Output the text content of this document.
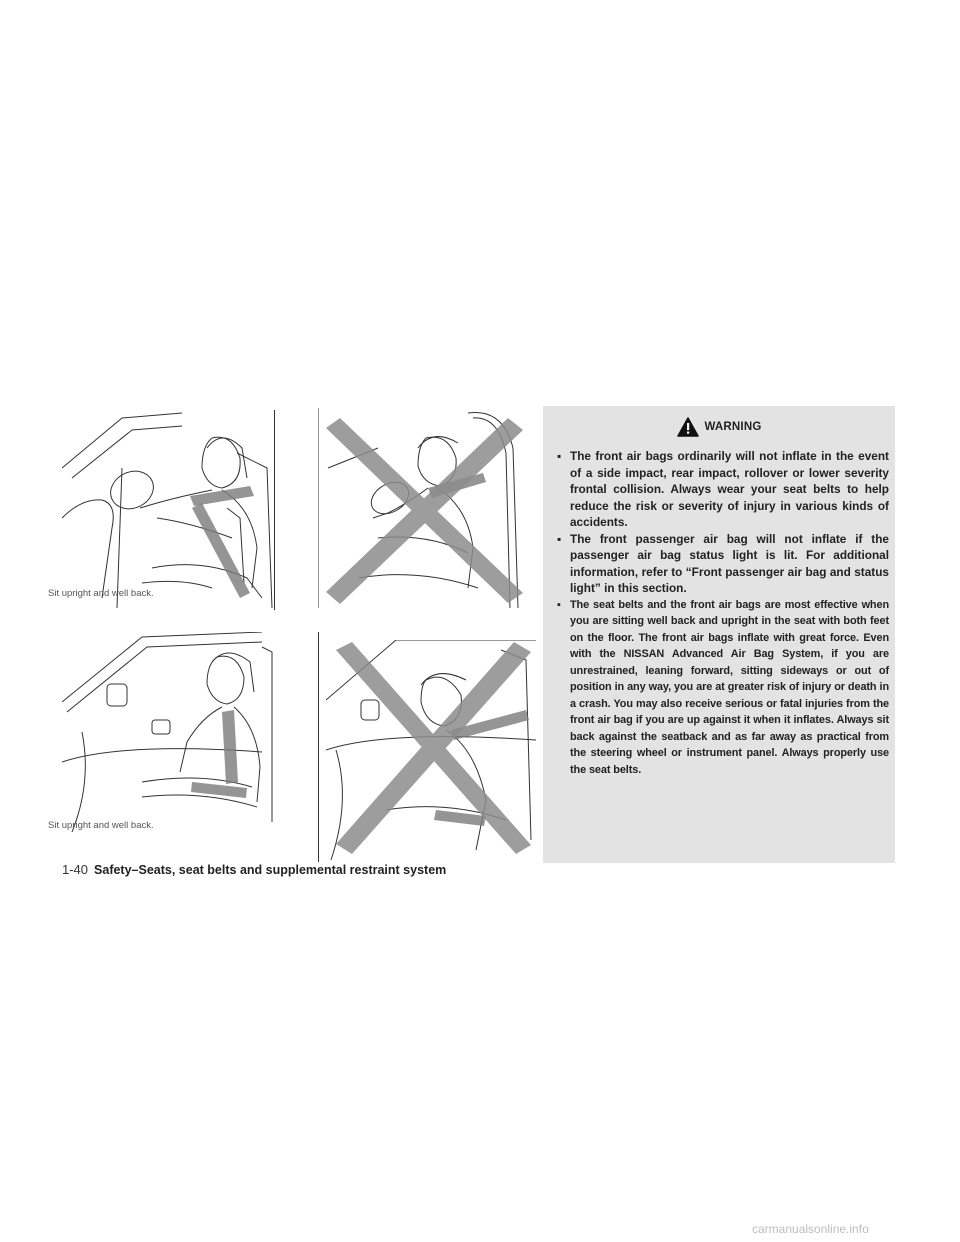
Sit upright and well back.
Sit upright and well back.
WARNING
▪ The front air bags ordinarily will not inflate in the event of a side impact, rear impact, rollover or lower severity frontal collision. Always wear your seat belts to help reduce the risk or severity of injury in various kinds of accidents.
▪ The front passenger air bag will not inflate if the passenger air bag status light is lit. For additional information, refer to “Front passenger air bag and status light” in this section.
▪ The seat belts and the front air bags are most effective when you are sitting well back and upright in the seat with both feet on the floor. The front air bags inflate with great force. Even with the NISSAN Advanced Air Bag System, if you are unrestrained, leaning forward, sitting sideways or out of position in any way, you are at greater risk of injury or death in a crash. You may also receive serious or fatal injuries from the front air bag if you are up against it when it inflates. Always sit back against the seatback and as far away as practical from the steering wheel or instrument panel. Always properly use the seat belts.
1-40 Safety–Seats, seat belts and supplemental restraint system
carmanualsonline.info
